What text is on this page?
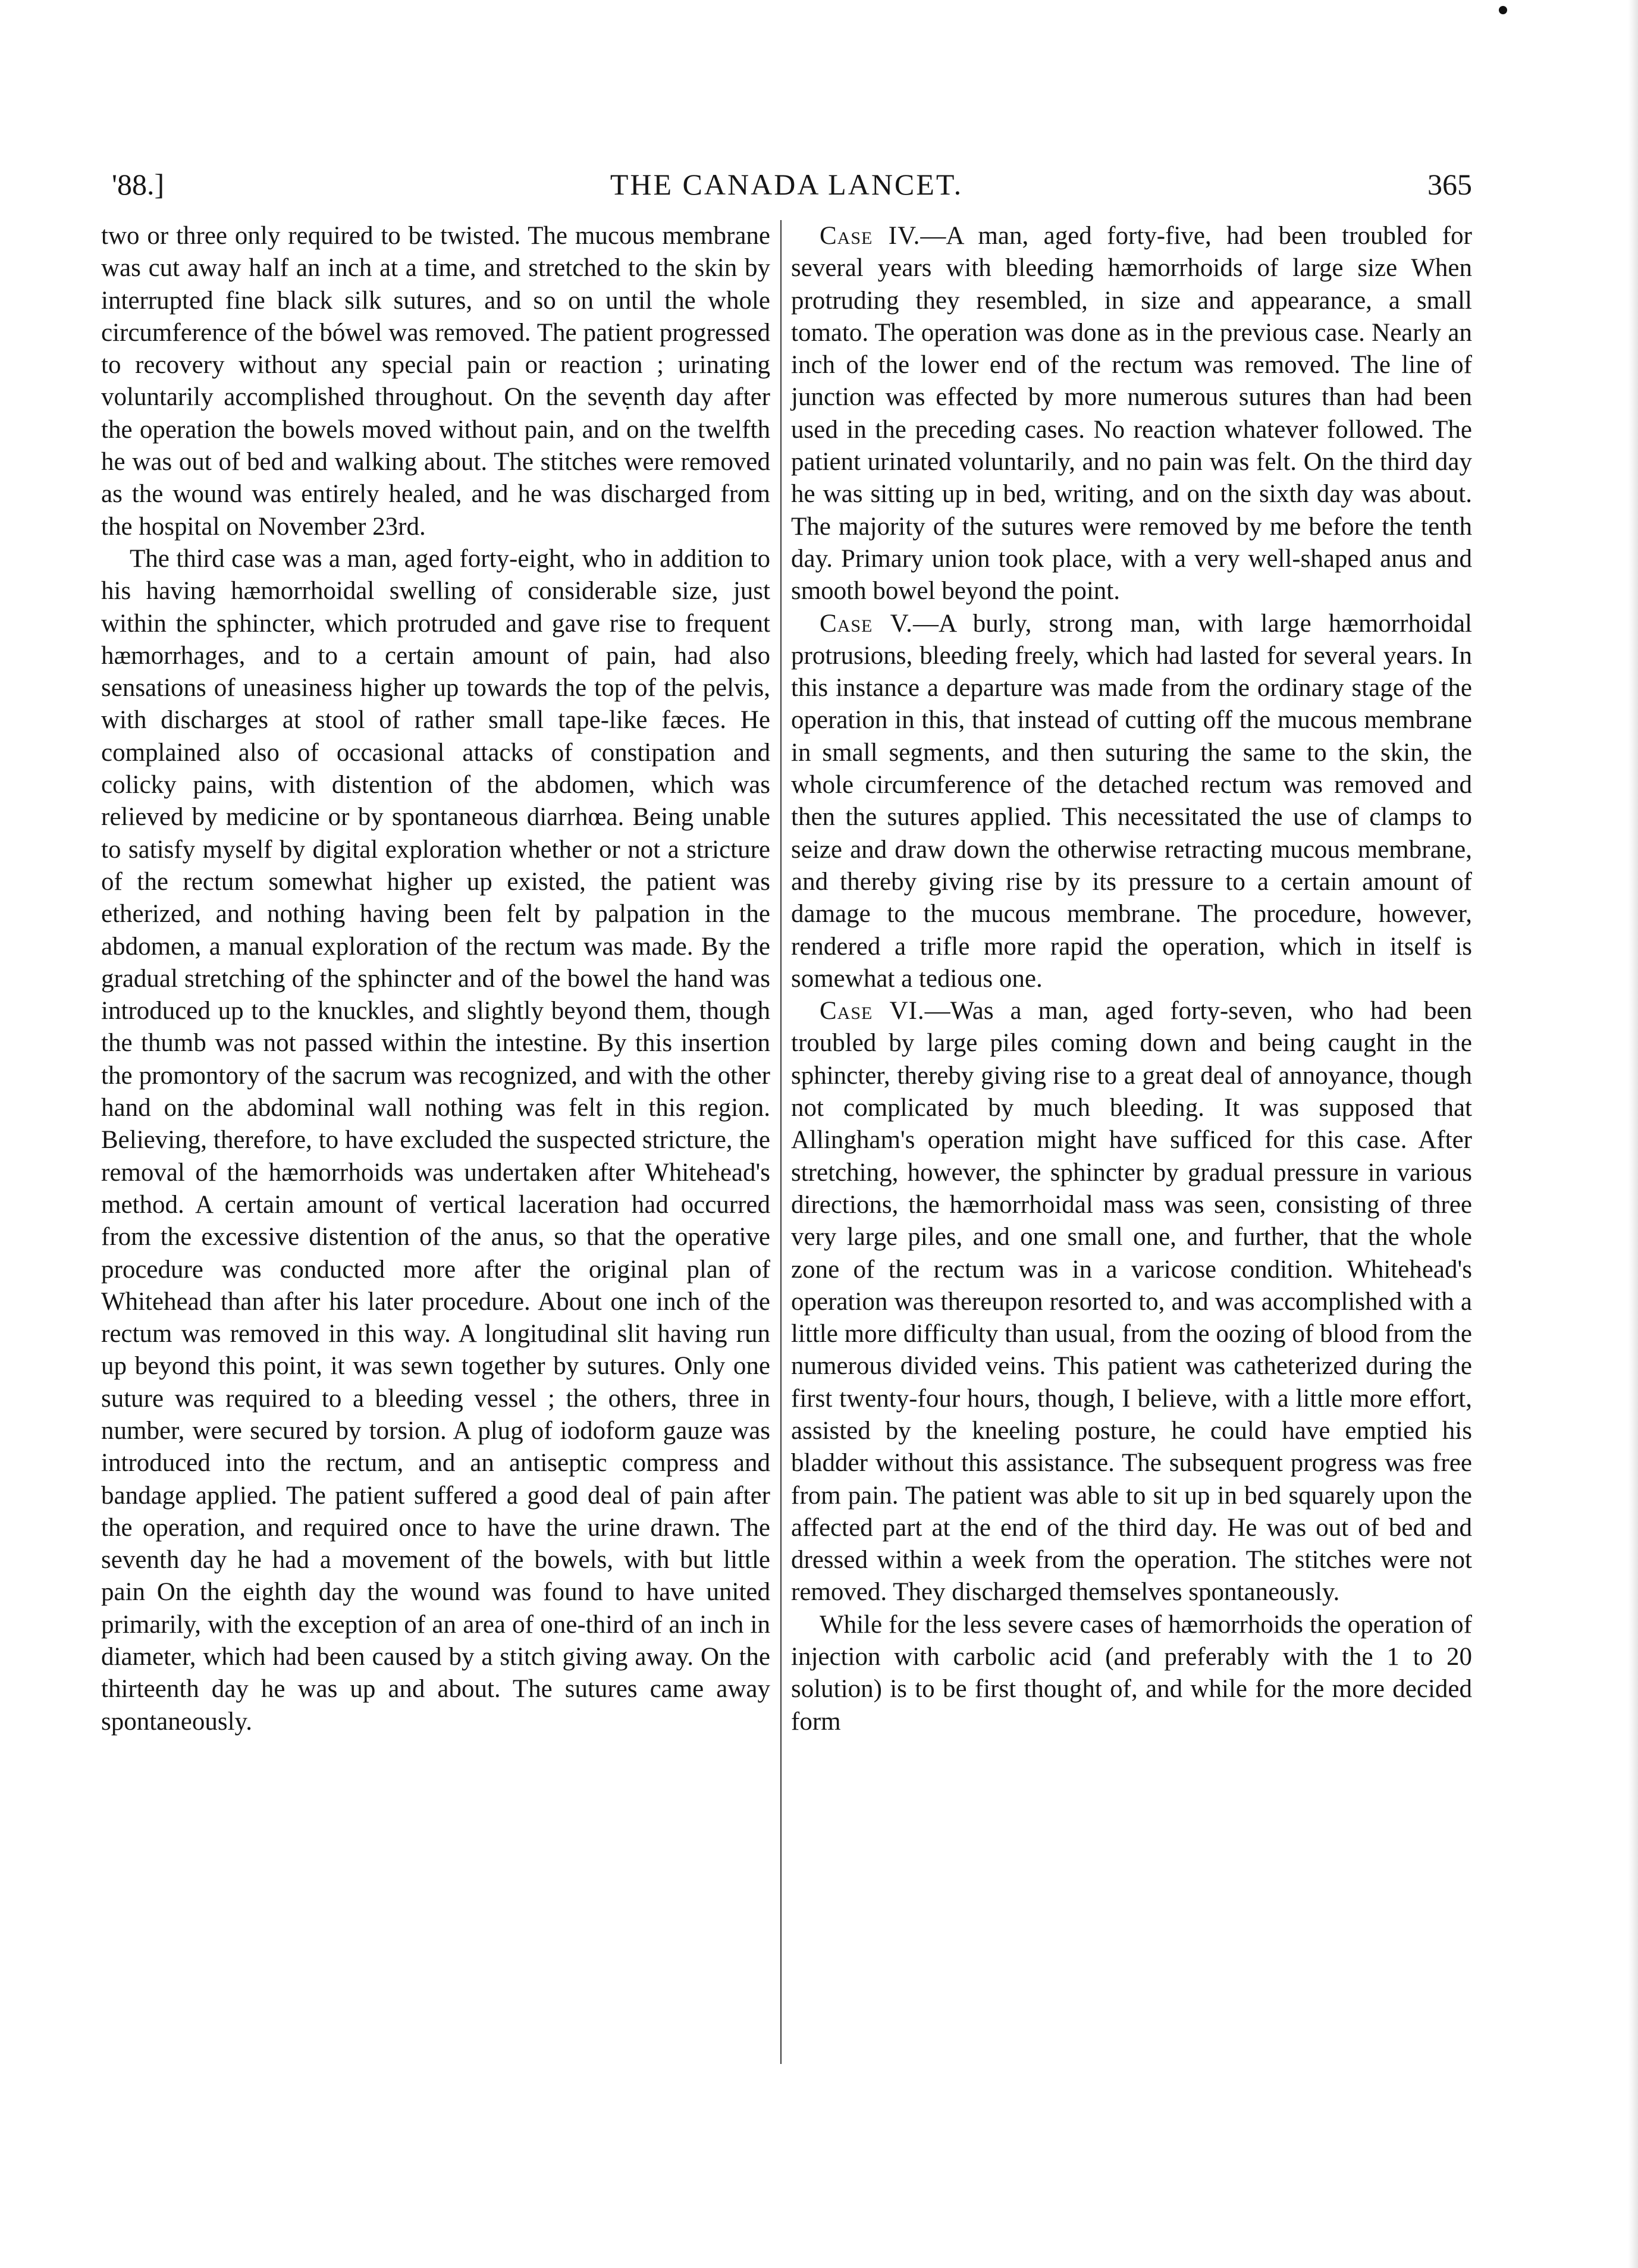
'88.]	THE CANADA LANCET.	365

two or three only required to be twisted. The mucous membrane was cut away half an inch at a time, and stretched to the skin by interrupted fine black silk sutures, and so on until the whole circumference of the bówel was removed. The patient progressed to recovery without any special pain or reaction ; urinating voluntarily accomplished throughout. On the sevẹnth day after the operation the bowels moved without pain, and on the twelfth he was out of bed and walking about. The stitches were removed as the wound was entirely healed, and he was discharged from the hospital on November 23rd.

The third case was a man, aged forty-eight, who in addition to his having hæmorrhoidal swelling of considerable size, just within the sphincter, which protruded and gave rise to frequent hæmorrhages, and to a certain amount of pain, had also sensations of uneasiness higher up towards the top of the pelvis, with discharges at stool of rather small tape-like fæces. He complained also of occasional attacks of constipation and colicky pains, with distention of the abdomen, which was relieved by medicine or by spontaneous diarrhœa. Being unable to satisfy myself by digital exploration whether or not a stricture of the rectum somewhat higher up existed, the patient was etherized, and nothing having been felt by palpation in the abdomen, a manual exploration of the rectum was made. By the gradual stretching of the sphincter and of the bowel the hand was introduced up to the knuckles, and slightly beyond them, though the thumb was not passed within the intestine. By this insertion the promontory of the sacrum was recognized, and with the other hand on the abdominal wall nothing was felt in this region. Believing, therefore, to have excluded the suspected stricture, the removal of the hæmorrhoids was undertaken after Whitehead's method. A certain amount of vertical laceration had occurred from the excessive distention of the anus, so that the operative procedure was conducted more after the original plan of Whitehead than after his later procedure. About one inch of the rectum was removed in this way. A longitudinal slit having run up beyond this point, it was sewn together by sutures. Only one suture was required to a bleeding vessel ; the others, three in number, were secured by torsion. A plug of iodoform gauze was introduced into the rectum, and an antiseptic compress and bandage applied. The patient suffered a good deal of pain after the operation, and required once to have the urine drawn. The seventh day he had a movement of the bowels, with but little pain On the eighth day the wound was found to have united primarily, with the exception of an area of one-third of an inch in diameter, which had been caused by a stitch giving away. On the thirteenth day he was up and about. The sutures came away spontaneously.

Case IV.—A man, aged forty-five, had been troubled for several years with bleeding hæmorrhoids of large size When protruding they resembled, in size and appearance, a small tomato. The operation was done as in the previous case. Nearly an inch of the lower end of the rectum was removed. The line of junction was effected by more numerous sutures than had been used in the preceding cases. No reaction whatever followed. The patient urinated voluntarily, and no pain was felt. On the third day he was sitting up in bed, writing, and on the sixth day was about. The majority of the sutures were removed by me before the tenth day. Primary union took place, with a very well-shaped anus and smooth bowel beyond the point.

Case V.—A burly, strong man, with large hæmorrhoidal protrusions, bleeding freely, which had lasted for several years. In this instance a departure was made from the ordinary stage of the operation in this, that instead of cutting off the mucous membrane in small segments, and then suturing the same to the skin, the whole circumference of the detached rectum was removed and then the sutures applied. This necessitated the use of clamps to seize and draw down the otherwise retracting mucous membrane, and thereby giving rise by its pressure to a certain amount of damage to the mucous membrane. The procedure, however, rendered a trifle more rapid the operation, which in itself is somewhat a tedious one.

Case VI.—Was a man, aged forty-seven, who had been troubled by large piles coming down and being caught in the sphincter, thereby giving rise to a great deal of annoyance, though not complicated by much bleeding. It was supposed that Allingham's operation might have sufficed for this case. After stretching, however, the sphincter by gradual pressure in various directions, the hæmorrhoidal mass was seen, consisting of three very large piles, and one small one, and further, that the whole zone of the rectum was in a varicose condition. Whitehead's operation was thereupon resorted to, and was accomplished with a little more difficulty than usual, from the oozing of blood from the numerous divided veins. This patient was catheterized during the first twenty-four hours, though, I believe, with a little more effort, assisted by the kneeling posture, he could have emptied his bladder without this assistance. The subsequent progress was free from pain. The patient was able to sit up in bed squarely upon the affected part at the end of the third day. He was out of bed and dressed within a week from the operation. The stitches were not removed. They discharged themselves spontaneously.

While for the less severe cases of hæmorrhoids the operation of injection with carbolic acid (and preferably with the 1 to 20 solution) is to be first thought of, and while for the more decided form
